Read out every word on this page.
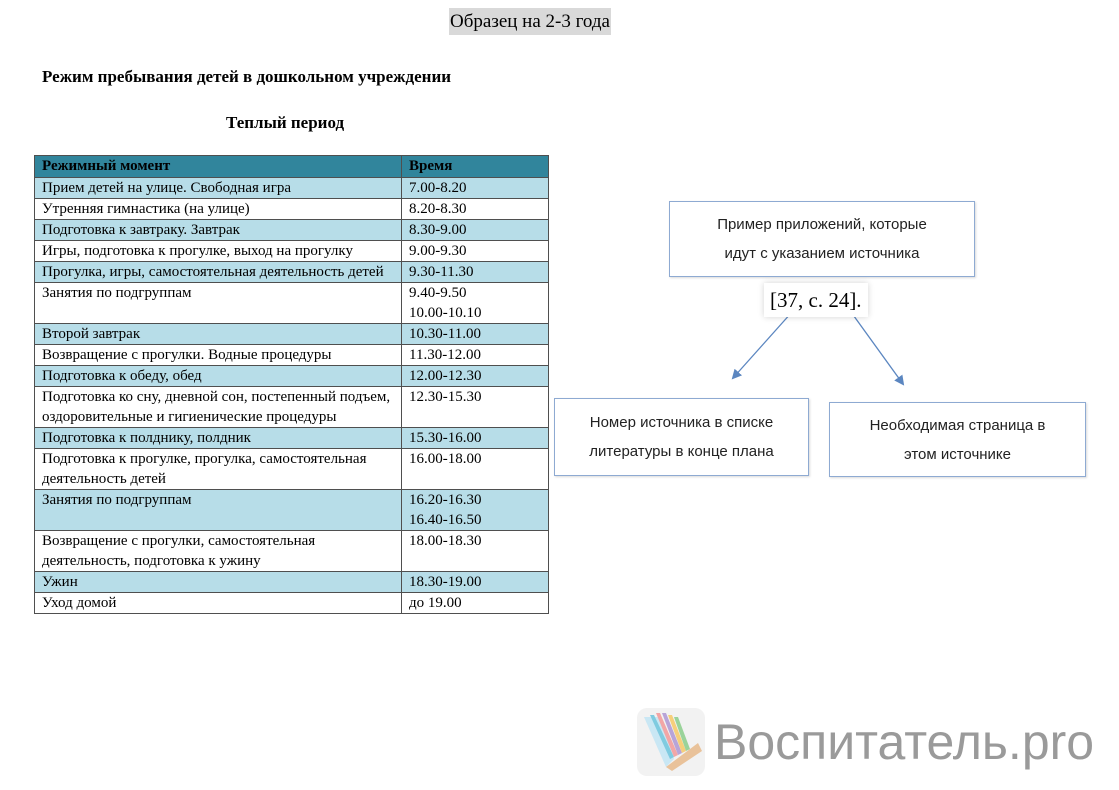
Образец на 2-3 года
Режим пребывания детей в дошкольном учреждении
Теплый период
Режимный момент	Время
Прием детей на улице. Свободная игра	7.00-8.20

Утренняя гимнастика (на улице)	8.20-8.30

Подготовка к завтраку. Завтрак	8.30-9.00

Игры, подготовка к прогулке, выход на прогулку	9.00-9.30

Прогулка, игры, самостоятельная деятельность детей	9.30-11.30

Занятия по подгруппам	9.40-9.50
10.00-10.10

Второй завтрак	10.30-11.00

Возвращение с прогулки. Водные процедуры	11.30-12.00

Подготовка к обеду, обед	12.00-12.30

Подготовка ко сну, дневной сон, постепенный подъем, оздоровительные и гигиенические процедуры	12.30-15.30

Подготовка к полднику, полдник	15.30-16.00

Подготовка к прогулке, прогулка, самостоятельная деятельность детей	16.00-18.00

Занятия по подгруппам	16.20-16.30
16.40-16.50

Возвращение с прогулки, самостоятельная деятельность, подготовка к ужину	18.00-18.30

Ужин	18.30-19.00

Уход домой	до 19.00
Пример приложений, которые
идут с указанием источника
[37, с. 24].
Номер источника в списке
литературы в конце плана
Необходимая страница в
этом источнике
Воспитатель.pro
